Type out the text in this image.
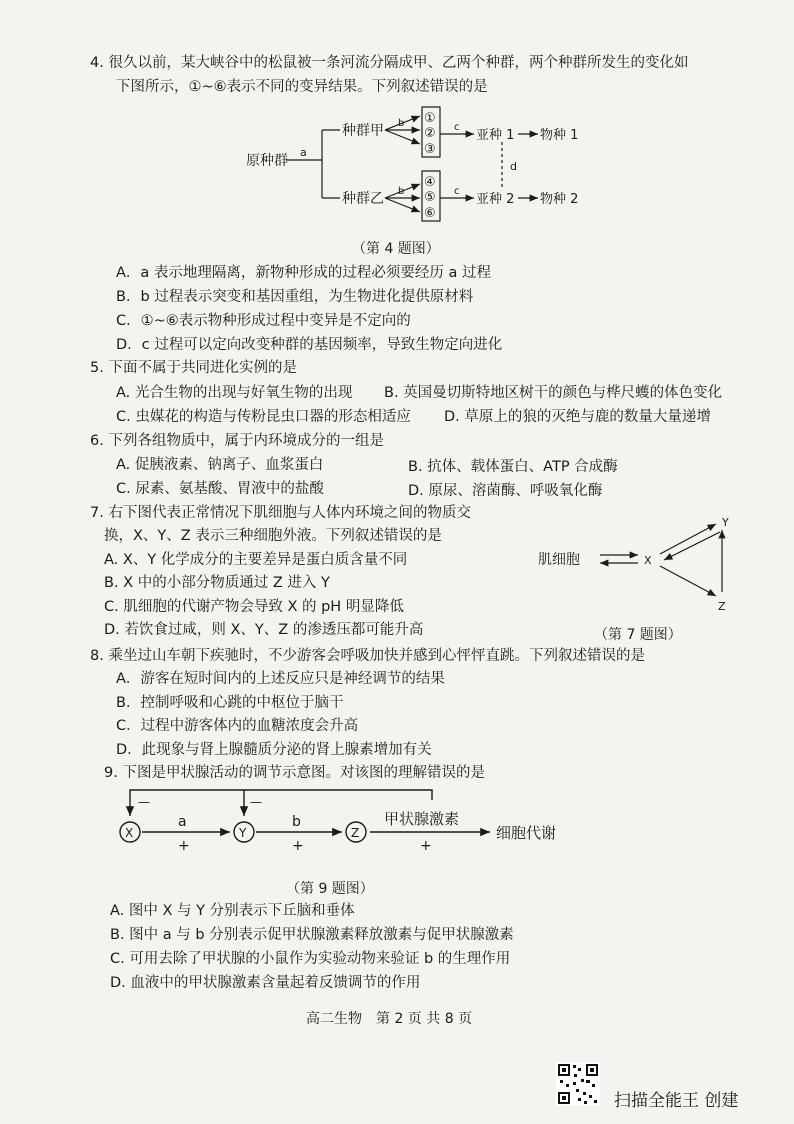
4. 很久以前，某大峡谷中的松鼠被一条河流分隔成甲、乙两个种群，两个种群所发生的变化如
下图所示，①~⑥表示不同的变异结果。下列叙述错误的是
原种群
a
种群甲
种群乙
b
b
①
②
③
④
⑤
⑥
c
c
亚种 1
亚种 2
物种 1
物种 2
d
（第 4 题图）
A．a 表示地理隔离，新物种形成的过程必须要经历 a 过程
B．b 过程表示突变和基因重组，为生物进化提供原材料
C．①~⑥表示物种形成过程中变异是不定向的
D．c 过程可以定向改变种群的基因频率，导致生物定向进化
5. 下面不属于共同进化实例的是
A. 光合生物的出现与好氧生物的出现 B. 英国曼切斯特地区树干的颜色与桦尺蠖的体色变化
C. 虫媒花的构造与传粉昆虫口器的形态相适应 D. 草原上的狼的灭绝与鹿的数量大量递增
6. 下列各组物质中，属于内环境成分的一组是
A. 促胰液素、钠离子、血浆蛋白	B. 抗体、载体蛋白、ATP 合成酶
C. 尿素、氨基酸、胃液中的盐酸	D. 原尿、溶菌酶、呼吸氧化酶
7. 右下图代表正常情况下肌细胞与人体内环境之间的物质交
换，X、Y、Z 表示三种细胞外液。下列叙述错误的是
A. X、Y 化学成分的主要差异是蛋白质含量不同
B. X 中的小部分物质通过 Z 进入 Y
C. 肌细胞的代谢产物会导致 X 的 pH 明显降低
D. 若饮食过咸，则 X、Y、Z 的渗透压都可能升高
肌细胞	X
Y
Z
（第 7 题图）
8. 乘坐过山车朝下疾驰时，不少游客会呼吸加快并感到心怦怦直跳。下列叙述错误的是
A．游客在短时间内的上述反应只是神经调节的结果
B．控制呼吸和心跳的中枢位于脑干
C．过程中游客体内的血糖浓度会升高
D．此现象与肾上腺髓质分泌的肾上腺素增加有关
9. 下图是甲状腺活动的调节示意图。对该图的理解错误的是
X	Y	Z
a	b
+	+	+
—	—
甲状腺激素
细胞代谢
（第 9 题图）
A. 图中 X 与 Y 分别表示下丘脑和垂体
B. 图中 a 与 b 分别表示促甲状腺激素释放激素与促甲状腺激素
C. 可用去除了甲状腺的小鼠作为实验动物来验证 b 的生理作用
D. 血液中的甲状腺激素含量起着反馈调节的作用
高二生物　第 2 页 共 8 页
扫描全能王 创建
